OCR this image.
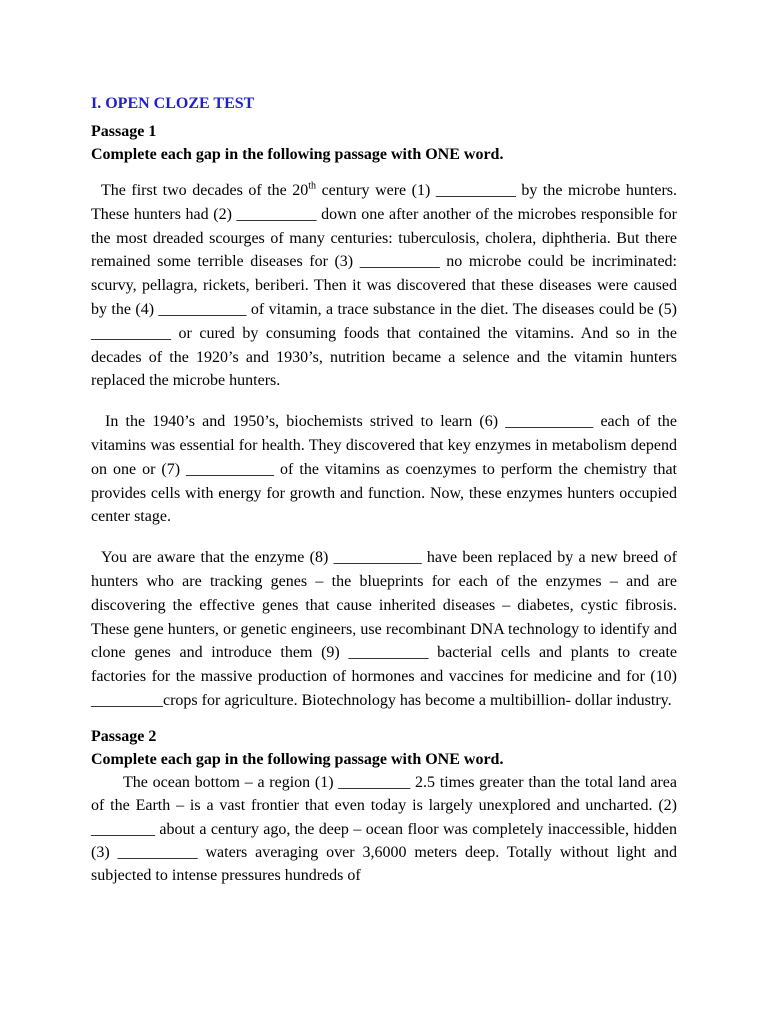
I. OPEN CLOZE TEST

Passage 1

Complete each gap in the following passage with ONE word.

The first two decades of the 20th century were (1) __________ by the microbe hunters. These hunters had (2) __________ down one after another of the microbes responsible for the most dreaded scourges of many centuries: tuberculosis, cholera, diphtheria. But there remained some terrible diseases for (3) __________ no microbe could be incriminated: scurvy, pellagra, rickets, beriberi. Then it was discovered that these diseases were caused by the (4) ___________ of vitamin, a trace substance in the diet. The diseases could be (5) __________ or cured by consuming foods that contained the vitamins. And so in the decades of the 1920’s and 1930’s, nutrition became a selence and the vitamin hunters replaced the microbe hunters.

In the 1940’s and 1950’s, biochemists strived to learn (6) ___________ each of the vitamins was essential for health. They discovered that key enzymes in metabolism depend on one or (7) ___________ of the vitamins as coenzymes to perform the chemistry that provides cells with energy for growth and function. Now, these enzymes hunters occupied center stage.

You are aware that the enzyme (8) ___________ have been replaced by a new breed of hunters who are tracking genes – the blueprints for each of the enzymes – and are discovering the effective genes that cause inherited diseases – diabetes, cystic fibrosis. These gene hunters, or genetic engineers, use recombinant DNA technology to identify and clone genes and introduce them (9) __________ bacterial cells and plants to create factories for the massive production of hormones and vaccines for medicine and for (10) _________crops for agriculture. Biotechnology has become a multibillion- dollar industry.

Passage 2

Complete each gap in the following passage with ONE word.

The ocean bottom – a region (1) _________ 2.5 times greater than the total land area of the Earth – is a vast frontier that even today is largely unexplored and uncharted. (2) ________ about a century ago, the deep – ocean floor was completely inaccessible, hidden (3) __________ waters averaging over 3,6000 meters deep. Totally without light and subjected to intense pressures hundreds of
